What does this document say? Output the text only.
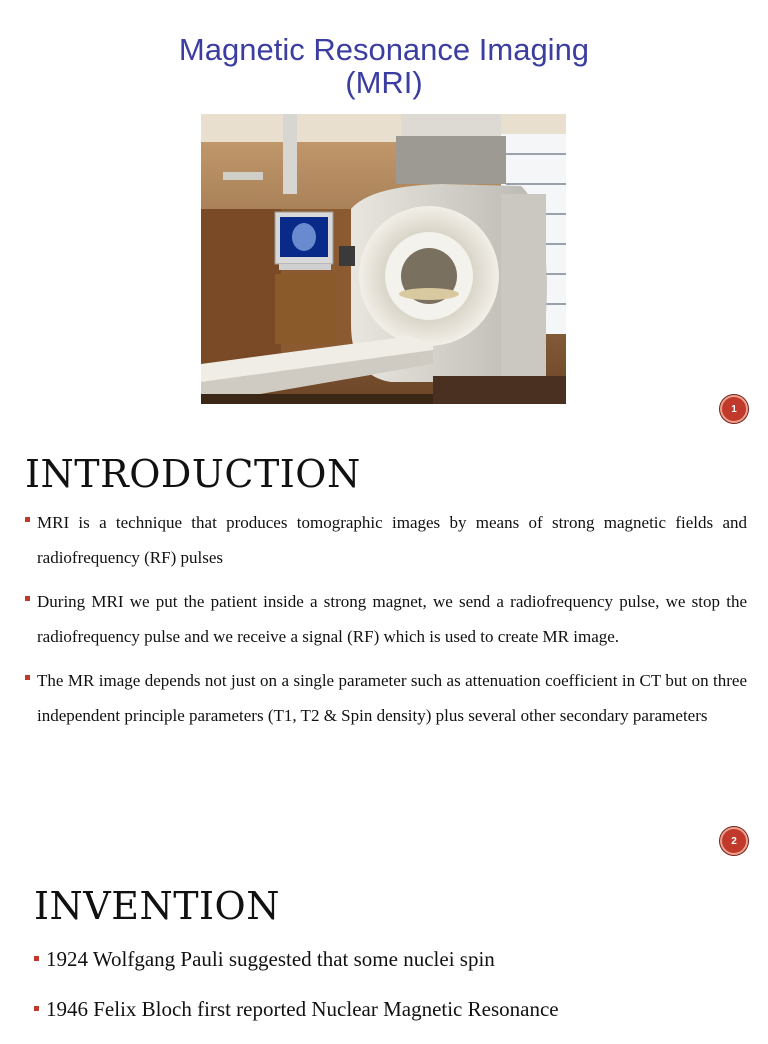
Magnetic Resonance Imaging
(MRI)
1
INTRODUCTION
MRI is a technique that produces tomographic images by means of strong magnetic fields and radiofrequency (RF) pulses
During MRI we put the patient inside a strong magnet, we send a radiofrequency pulse, we stop the radiofrequency pulse and we receive a signal (RF) which is used to create MR image.
The MR image depends not just on a single parameter such as attenuation coefficient in CT but on three independent principle parameters (T1, T2 & Spin density) plus several other secondary parameters
2
INVENTION
1924 Wolfgang Pauli suggested that some nuclei spin
1946 Felix Bloch first reported Nuclear Magnetic Resonance
